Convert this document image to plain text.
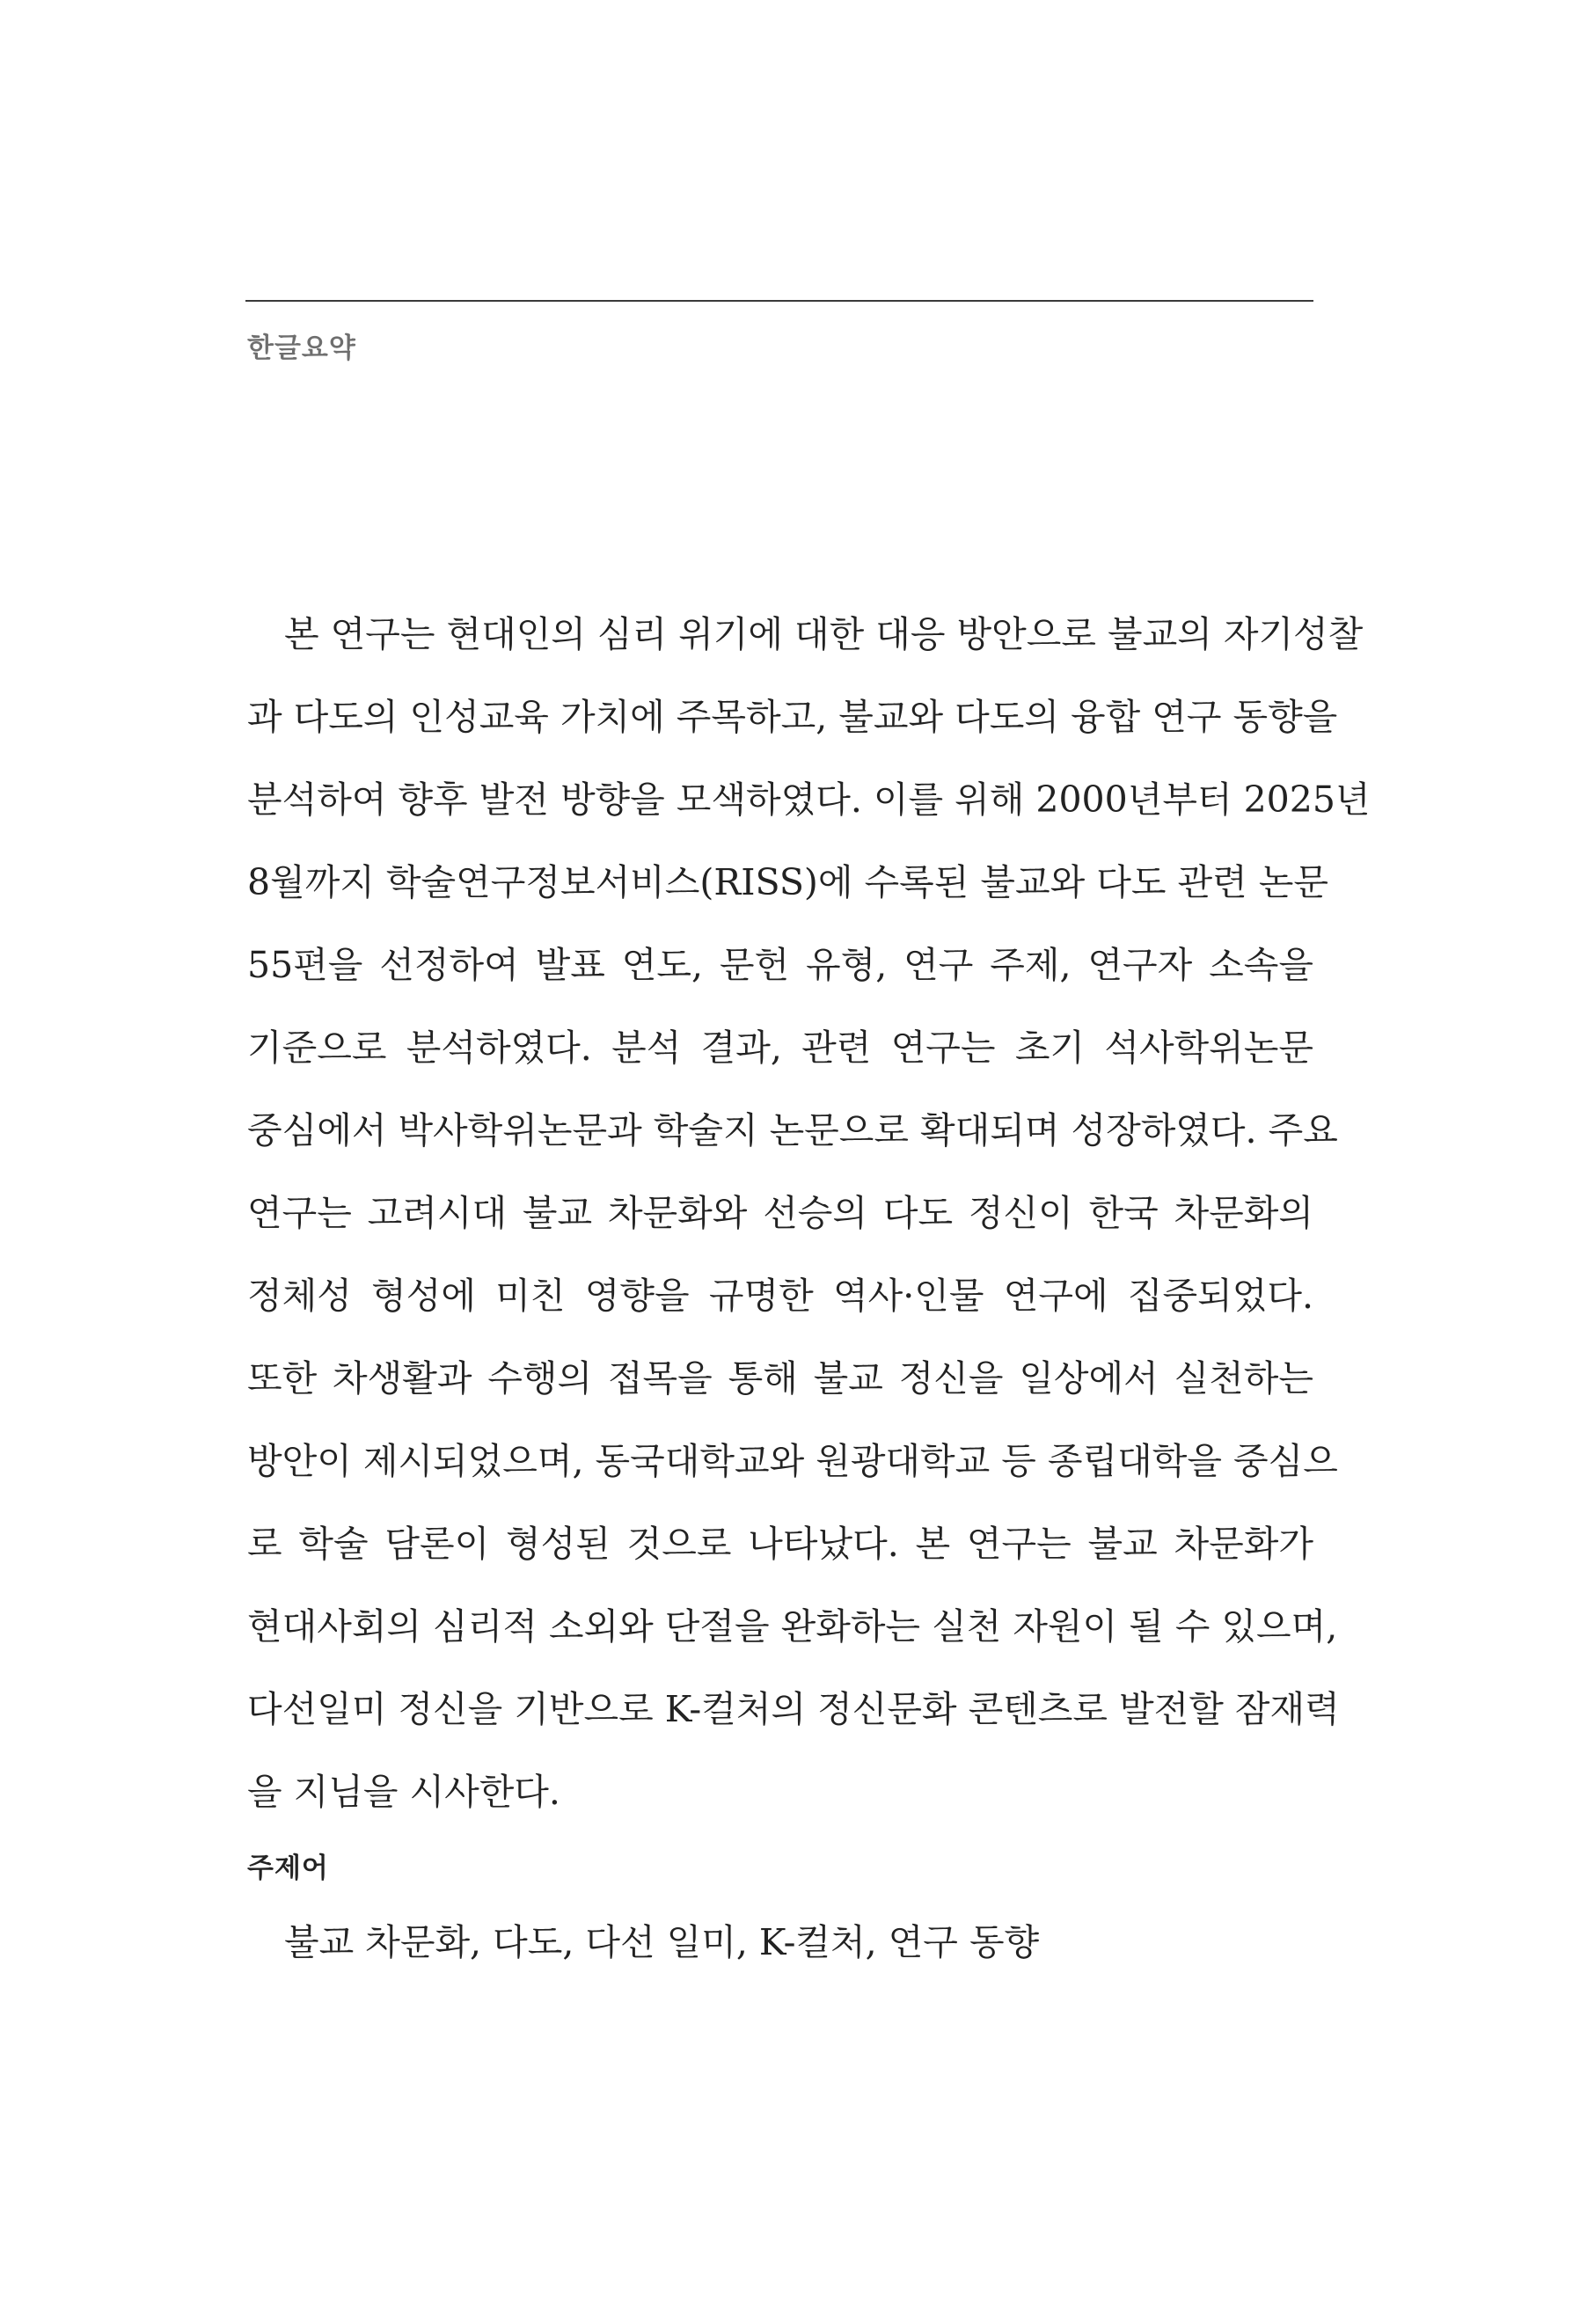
한글요약
본 연구는 현대인의 심리 위기에 대한 대응 방안으로 불교의 자기성찰
과 다도의 인성교육 가치에 주목하고, 불교와 다도의 융합 연구 동향을
분석하여 향후 발전 방향을 모색하였다. 이를 위해 2000년부터 2025년
8월까지 학술연구정보서비스(RISS)에 수록된 불교와 다도 관련 논문
55편을 선정하여 발표 연도, 문헌 유형, 연구 주제, 연구자 소속을
기준으로 분석하였다. 분석 결과, 관련 연구는 초기 석사학위논문
중심에서 박사학위논문과 학술지 논문으로 확대되며 성장하였다. 주요
연구는 고려시대 불교 차문화와 선승의 다도 정신이 한국 차문화의
정체성 형성에 미친 영향을 규명한 역사·인물 연구에 집중되었다.
또한 차생활과 수행의 접목을 통해 불교 정신을 일상에서 실천하는
방안이 제시되었으며, 동국대학교와 원광대학교 등 종립대학을 중심으
로 학술 담론이 형성된 것으로 나타났다. 본 연구는 불교 차문화가
현대사회의 심리적 소외와 단절을 완화하는 실천 자원이 될 수 있으며,
다선일미 정신을 기반으로 K-컬처의 정신문화 콘텐츠로 발전할 잠재력
을 지님을 시사한다.
주제어
불교 차문화, 다도, 다선 일미, K-컬처, 연구 동향
